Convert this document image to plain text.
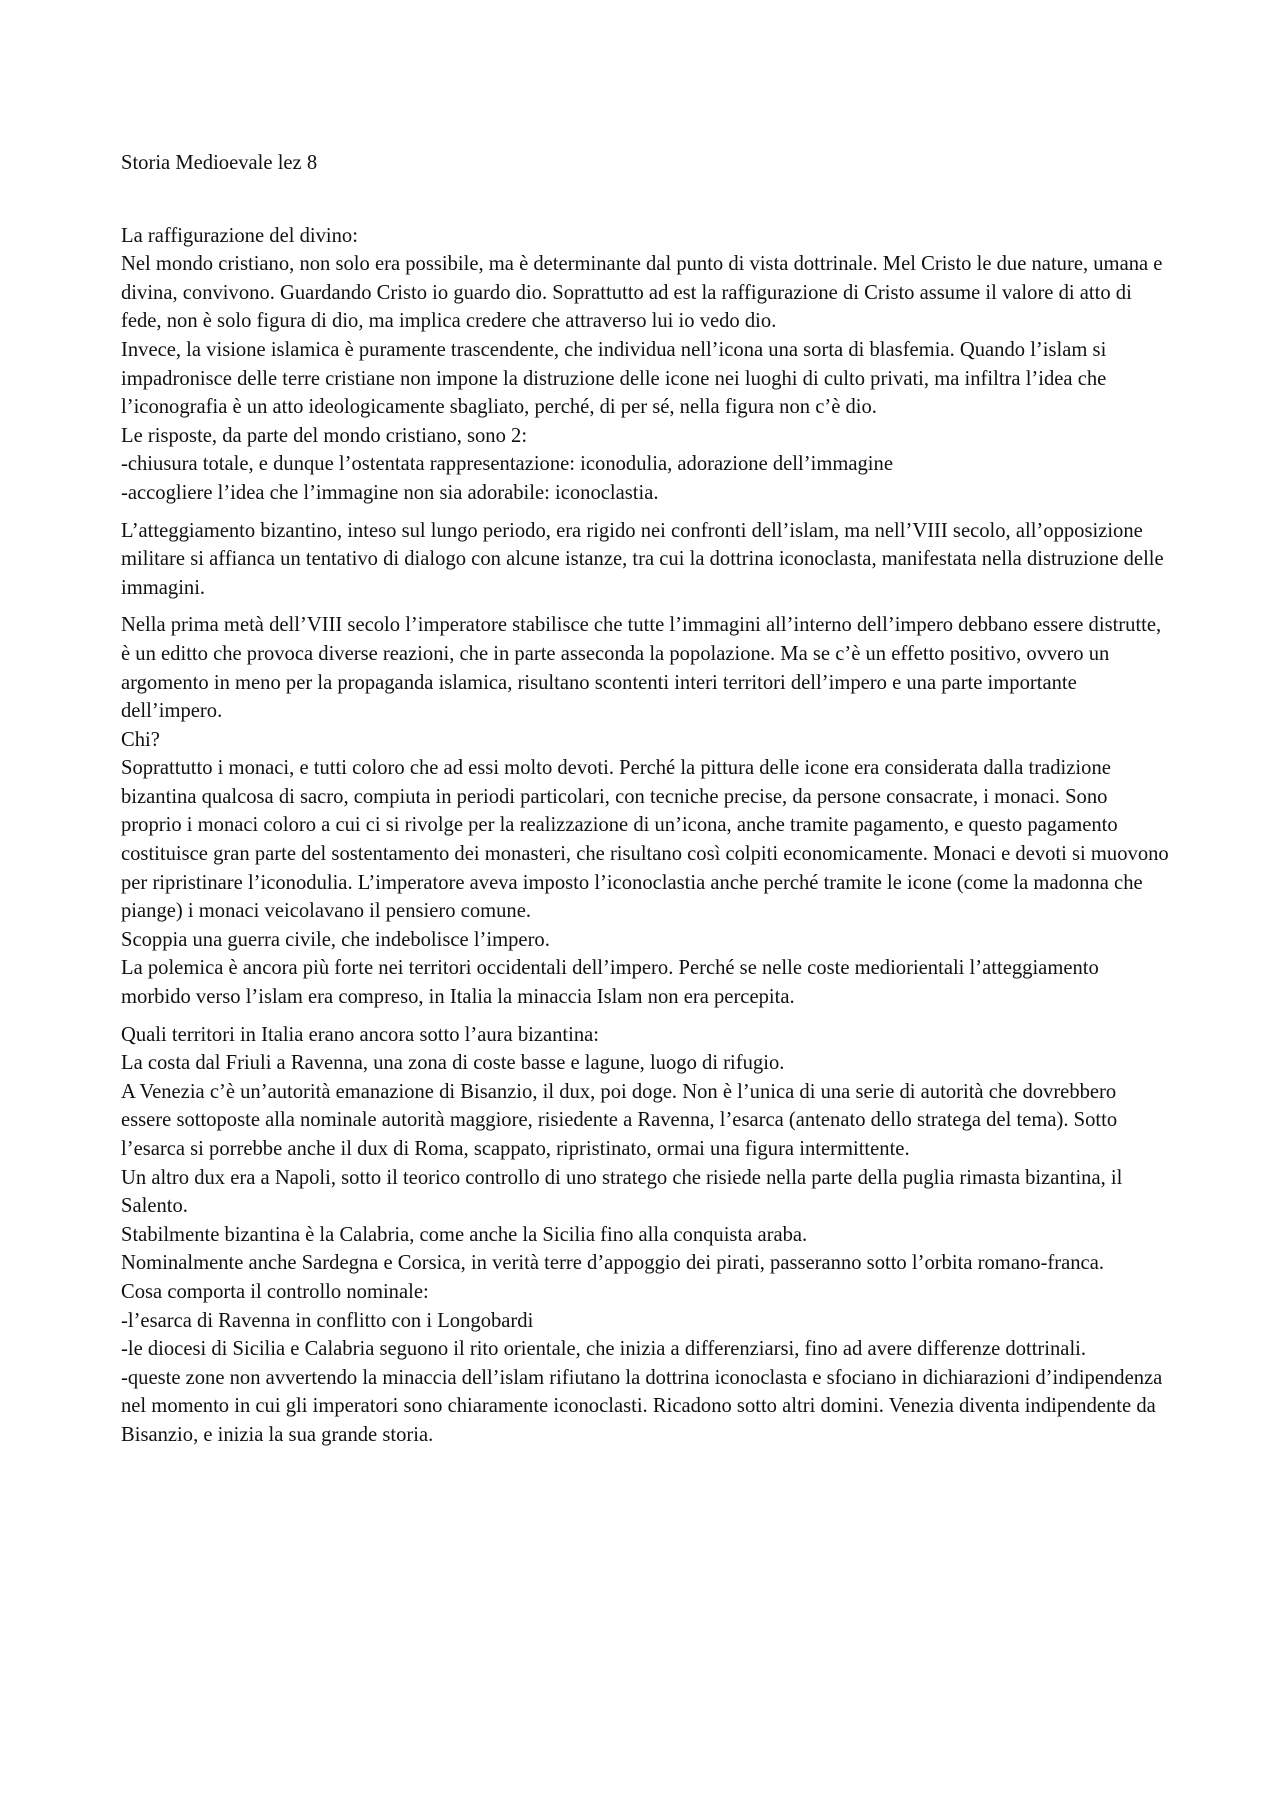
Storia Medioevale lez 8

La raffigurazione del divino:
Nel mondo cristiano, non solo era possibile, ma è determinante dal punto di vista dottrinale. Mel Cristo le due nature, umana e divina, convivono. Guardando Cristo io guardo dio. Soprattutto ad est la raffigurazione di Cristo assume il valore di atto di fede, non è solo figura di dio, ma implica credere che attraverso lui io vedo dio.
Invece, la visione islamica è puramente trascendente, che individua nell’icona una sorta di blasfemia. Quando l’islam si impadronisce delle terre cristiane non impone la distruzione delle icone nei luoghi di culto privati, ma infiltra l’idea che l’iconografia è un atto ideologicamente sbagliato, perché, di per sé, nella figura non c’è dio.
Le risposte, da parte del mondo cristiano, sono 2:
-chiusura totale, e dunque l’ostentata rappresentazione: iconodulia, adorazione dell’immagine
-accogliere l’idea che l’immagine non sia adorabile: iconoclastia.
L’atteggiamento bizantino, inteso sul lungo periodo, era rigido nei confronti dell’islam, ma nell’VIII secolo, all’opposizione militare si affianca un tentativo di dialogo con alcune istanze, tra cui la dottrina iconoclasta, manifestata nella distruzione delle immagini.
Nella prima metà dell’VIII secolo l’imperatore stabilisce che tutte l’immagini all’interno dell’impero debbano essere distrutte, è un editto che provoca diverse reazioni, che in parte asseconda la popolazione. Ma se c’è un effetto positivo, ovvero un argomento in meno per la propaganda islamica, risultano scontenti interi territori dell’impero e una parte importante dell’impero.
Chi?
Soprattutto i monaci, e tutti coloro che ad essi molto devoti. Perché la pittura delle icone era considerata dalla tradizione bizantina qualcosa di sacro, compiuta in periodi particolari, con tecniche precise, da persone consacrate, i monaci. Sono proprio i monaci coloro a cui ci si rivolge per la realizzazione di un’icona, anche tramite pagamento, e questo pagamento costituisce gran parte del sostentamento dei monasteri, che risultano così colpiti economicamente. Monaci e devoti si muovono per ripristinare l’iconodulia. L’imperatore aveva imposto l’iconoclastia anche perché tramite le icone (come la madonna che piange) i monaci veicolavano il pensiero comune.
Scoppia una guerra civile, che indebolisce l’impero.
La polemica è ancora più forte nei territori occidentali dell’impero. Perché se nelle coste mediorientali l’atteggiamento morbido verso l’islam era compreso, in Italia la minaccia Islam non era percepita.
Quali territori in Italia erano ancora sotto l’aura bizantina:
La costa dal Friuli a Ravenna, una zona di coste basse e lagune, luogo di rifugio.
A Venezia c’è un’autorità emanazione di Bisanzio, il dux, poi doge. Non è l’unica di una serie di autorità che dovrebbero essere sottoposte alla nominale autorità maggiore, risiedente a Ravenna, l’esarca (antenato dello stratega del tema). Sotto l’esarca si porrebbe anche il dux di Roma, scappato, ripristinato, ormai una figura intermittente.
Un altro dux era a Napoli, sotto il teorico controllo di uno stratego che risiede nella parte della puglia rimasta bizantina, il Salento.
Stabilmente bizantina è la Calabria, come anche la Sicilia fino alla conquista araba.
Nominalmente anche Sardegna e Corsica, in verità terre d’appoggio dei pirati, passeranno sotto l’orbita romano-franca.
Cosa comporta il controllo nominale:
-l’esarca di Ravenna in conflitto con i Longobardi
-le diocesi di Sicilia e Calabria seguono il rito orientale, che inizia a differenziarsi, fino ad avere differenze dottrinali.
-queste zone non avvertendo la minaccia dell’islam rifiutano la dottrina iconoclasta e sfociano in dichiarazioni d’indipendenza nel momento in cui gli imperatori sono chiaramente iconoclasti. Ricadono sotto altri domini. Venezia diventa indipendente da Bisanzio, e inizia la sua grande storia.
